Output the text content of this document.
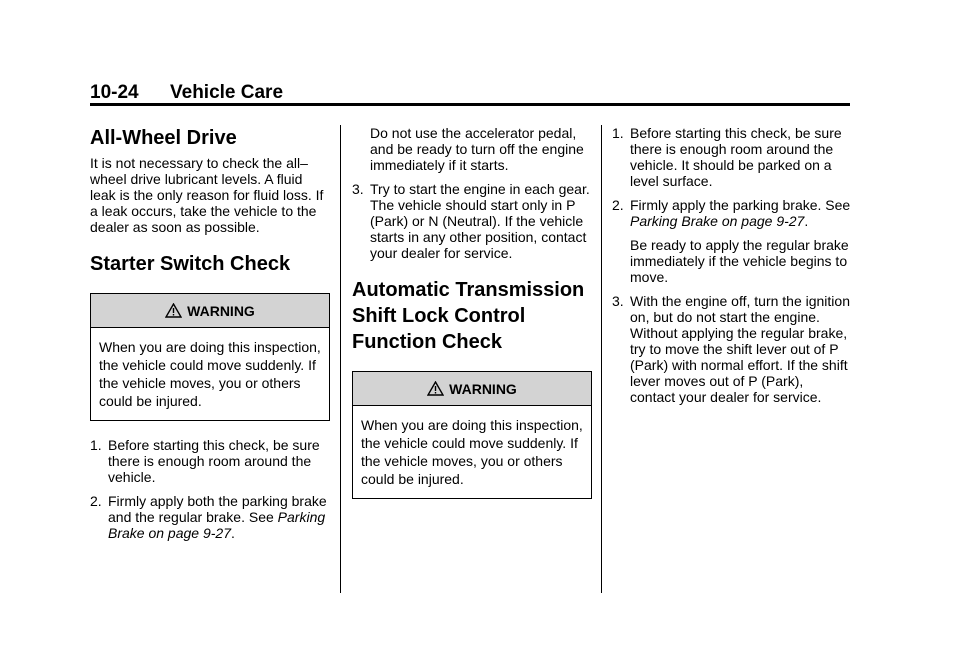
10-24 Vehicle Care
All-Wheel Drive

It is not necessary to check the all–wheel drive lubricant levels. A fluid leak is the only reason for fluid loss. If a leak occurs, take the vehicle to the dealer as soon as possible.

Starter Switch Check
WARNING
When you are doing this inspection, the vehicle could move suddenly. If the vehicle moves, you or others could be injured.
1. Before starting this check, be sure there is enough room around the vehicle.
2. Firmly apply both the parking brake and the regular brake. See Parking Brake on page 9-27.
Do not use the accelerator pedal, and be ready to turn off the engine immediately if it starts.
3. Try to start the engine in each gear. The vehicle should start only in P (Park) or N (Neutral). If the vehicle starts in any other position, contact your dealer for service.
Automatic Transmission Shift Lock Control Function Check
WARNING
When you are doing this inspection, the vehicle could move suddenly. If the vehicle moves, you or others could be injured.
1. Before starting this check, be sure there is enough room around the vehicle. It should be parked on a level surface.
2. Firmly apply the parking brake. See Parking Brake on page 9-27.
Be ready to apply the regular brake immediately if the vehicle begins to move.
3. With the engine off, turn the ignition on, but do not start the engine. Without applying the regular brake, try to move the shift lever out of P (Park) with normal effort. If the shift lever moves out of P (Park), contact your dealer for service.
